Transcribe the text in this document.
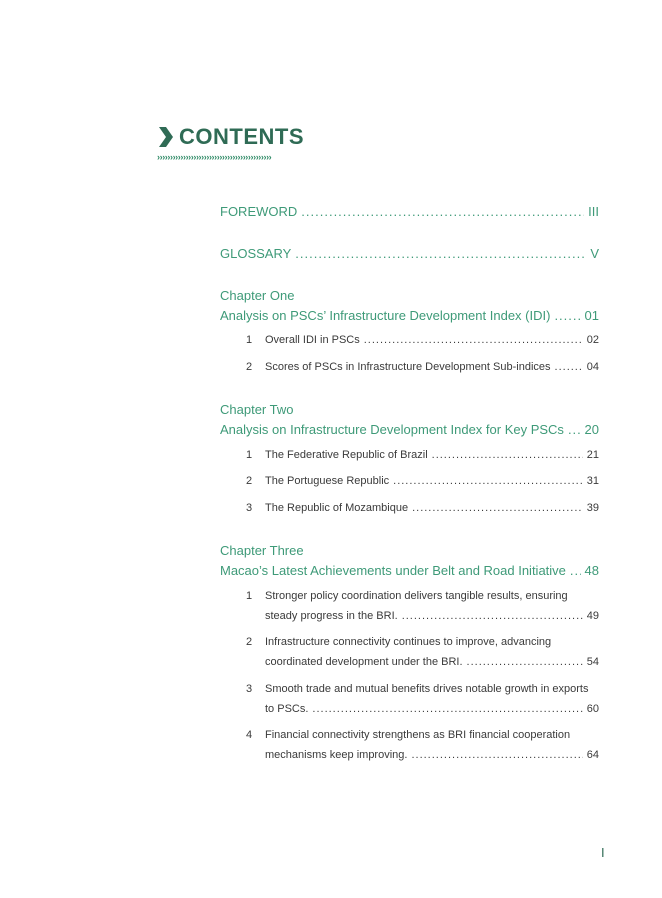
CONTENTS
››››››››››››››››››››››››››››››››››››››››››››
FOREWORD .....	III
GLOSSARY .....	V
Chapter One
Analysis on PSCs’ Infrastructure Development Index (IDI) .....	01
1	Overall IDI in PSCs .....	02
2	Scores of PSCs in Infrastructure Development Sub-indices .....	04
Chapter Two
Analysis on Infrastructure Development Index for Key PSCs ..... 20
1	The Federative Republic of Brazil .....	21
2	The Portuguese Republic .....	31
3	The Republic of Mozambique .....	39
Chapter Three
Macao’s Latest Achievements under Belt and Road Initiative ..... 48
1 Stronger policy coordination delivers tangible results, ensuring
steady progress in the BRI. .....	49
2 Infrastructure connectivity continues to improve, advancing
coordinated development under the BRI. .....	54
3 Smooth trade and mutual benefits drives notable growth in exports
to PSCs. .....	60
4 Financial connectivity strengthens as BRI financial cooperation
mechanisms keep improving. .....	64
I
